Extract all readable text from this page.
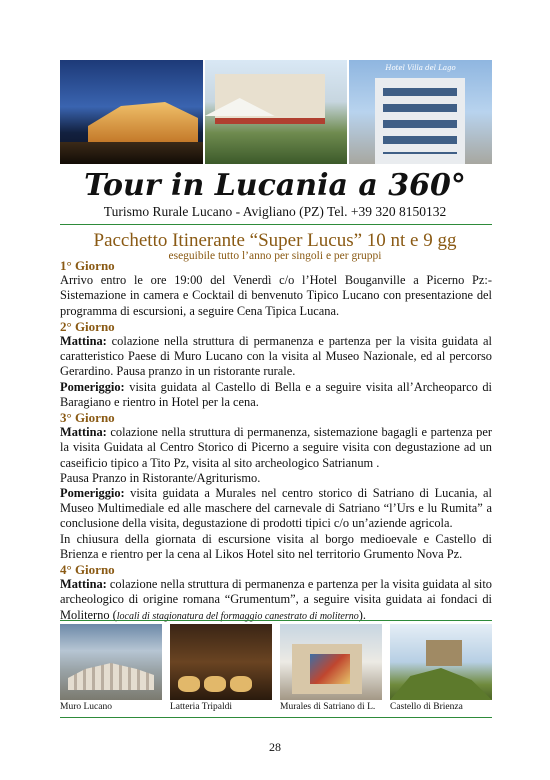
Hotel Villa del Lago
Tour in Lucania a 360°
Turismo Rurale Lucano - Avigliano (PZ) Tel. +39 320 8150132
Pacchetto Itinerante “Super Lucus” 10 nt e 9 gg
eseguibile tutto l’anno per singoli e per gruppi

1° Giorno

Arrivo entro le ore 19:00 del Venerdì c/o l’Hotel Bouganville a Picerno Pz:- Sistemazione in camera e Cocktail di benvenuto Tipico Lucano con presentazione del programma di escursioni, a seguire Cena Tipica Lucana.

2° Giorno

Mattina: colazione nella struttura di permanenza e partenza per la visita guidata al caratteristico Paese di Muro Lucano con la visita al Museo Nazionale, ed al percorso Gerardino. Pausa pranzo in un ristorante rurale.

Pomeriggio: visita guidata al Castello di Bella e a seguire visita all’Archeoparco di Baragiano e rientro in Hotel per la cena.

3° Giorno

Mattina: colazione nella struttura di permanenza, sistemazione bagagli e partenza per la visita Guidata al Centro Storico di Picerno a seguire visita con degustazione ad un caseificio tipico a Tito Pz, visita al sito archeologico Satrianum .

Pausa Pranzo in Ristorante/Agriturismo.

Pomeriggio: visita guidata a Murales nel centro storico di Satriano di Lucania, al Museo Multimediale ed alle maschere del carnevale di Satriano “l’Urs e lu Rumita” a conclusione della visita, degustazione di prodotti tipici c/o un’aziende agricola.

In chiusura della giornata di escursione visita al borgo medioevale e Castello di Brienza e rientro per la cena al Likos Hotel sito nel territorio Grumento Nova Pz.

4° Giorno

Mattina: colazione nella struttura di permanenza e partenza per la visita guidata al sito archeologico di origine romana “Grumentum”, a seguire visita guidata ai fondaci di Moliterno (locali di stagionatura del formaggio canestrato di moliterno).

Muro Lucano	Latteria Tripaldi	Murales di Satriano di L.	Castello di Brienza
28
